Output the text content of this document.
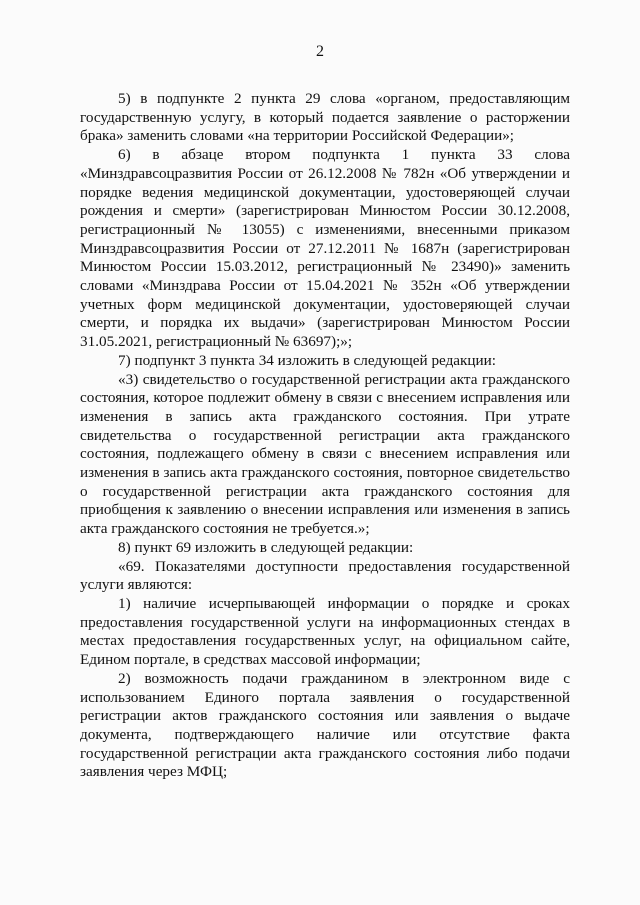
2

5) в подпункте 2 пункта 29 слова «органом, предоставляющим государственную услугу, в который подается заявление о расторжении брака» заменить словами «на территории Российской Федерации»;

6) в абзаце втором подпункта 1 пункта 33 слова «Минздравсоцразвития России от 26.12.2008 № 782н «Об утверждении и порядке ведения медицинской документации, удостоверяющей случаи рождения и смерти» (зарегистрирован Минюстом России 30.12.2008, регистрационный № 13055) с изменениями, внесенными приказом Минздравсоцразвития России от 27.12.2011 № 1687н (зарегистрирован Минюстом России 15.03.2012, регистрационный № 23490)» заменить словами «Минздрава России от 15.04.2021 № 352н «Об утверждении учетных форм медицинской документации, удостоверяющей случаи смерти, и порядка их выдачи» (зарегистрирован Минюстом России 31.05.2021, регистрационный № 63697);»;

7) подпункт 3 пункта 34 изложить в следующей редакции:

«3) свидетельство о государственной регистрации акта гражданского состояния, которое подлежит обмену в связи с внесением исправления или изменения в запись акта гражданского состояния. При утрате свидетельства о государственной регистрации акта гражданского состояния, подлежащего обмену в связи с внесением исправления или изменения в запись акта гражданского состояния, повторное свидетельство о государственной регистрации акта гражданского состояния для приобщения к заявлению о внесении исправления или изменения в запись акта гражданского состояния не требуется.»;

8) пункт 69 изложить в следующей редакции:

«69. Показателями доступности предоставления государственной услуги являются:

1) наличие исчерпывающей информации о порядке и сроках предоставления государственной услуги на информационных стендах в местах предоставления государственных услуг, на официальном сайте, Едином портале, в средствах массовой информации;

2) возможность подачи гражданином в электронном виде с использованием Единого портала заявления о государственной регистрации актов гражданского состояния или заявления о выдаче документа, подтверждающего наличие или отсутствие факта государственной регистрации акта гражданского состояния либо подачи заявления через МФЦ;
